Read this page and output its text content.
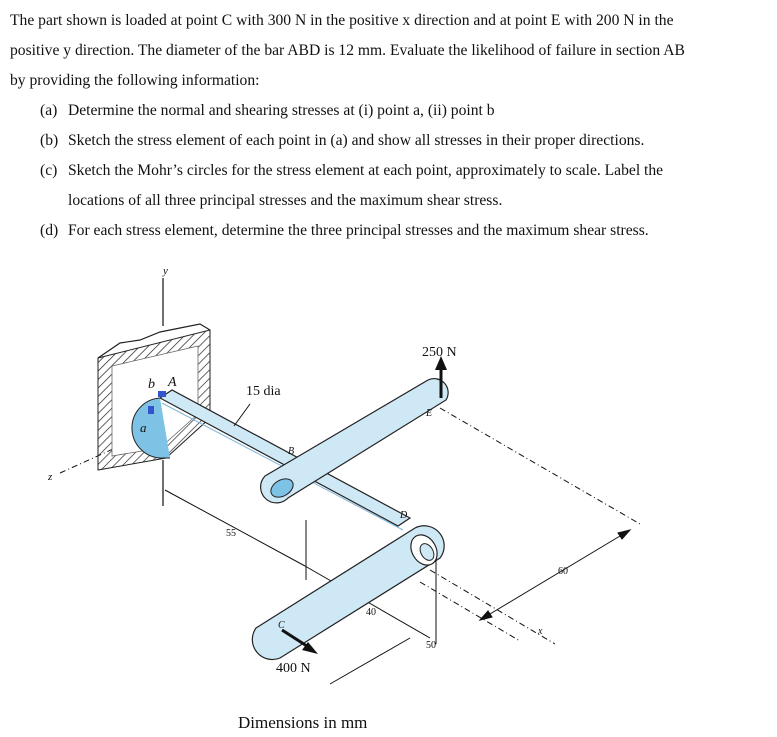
The part shown is loaded at point C with 300 N in the positive x direction and at point E with 200 N in the

positive y direction. The diameter of the bar ABD is 12 mm. Evaluate the likelihood of failure in section AB

by providing the following information:

(a) Determine the normal and shearing stresses at (i) point a, (ii) point b

(b) Sketch the stress element of each point in (a) and show all stresses in their proper directions.

(c) Sketch the Mohr’s circles for the stress element at each point, approximately to scale. Label the

locations of all three principal stresses and the maximum shear stress.

(d) For each stress element, determine the three principal stresses and the maximum shear stress.

y
z
250 N
400 N
15 dia
b A
a
B
E
D
C
x
55
40
50
60
Dimensions in mm
